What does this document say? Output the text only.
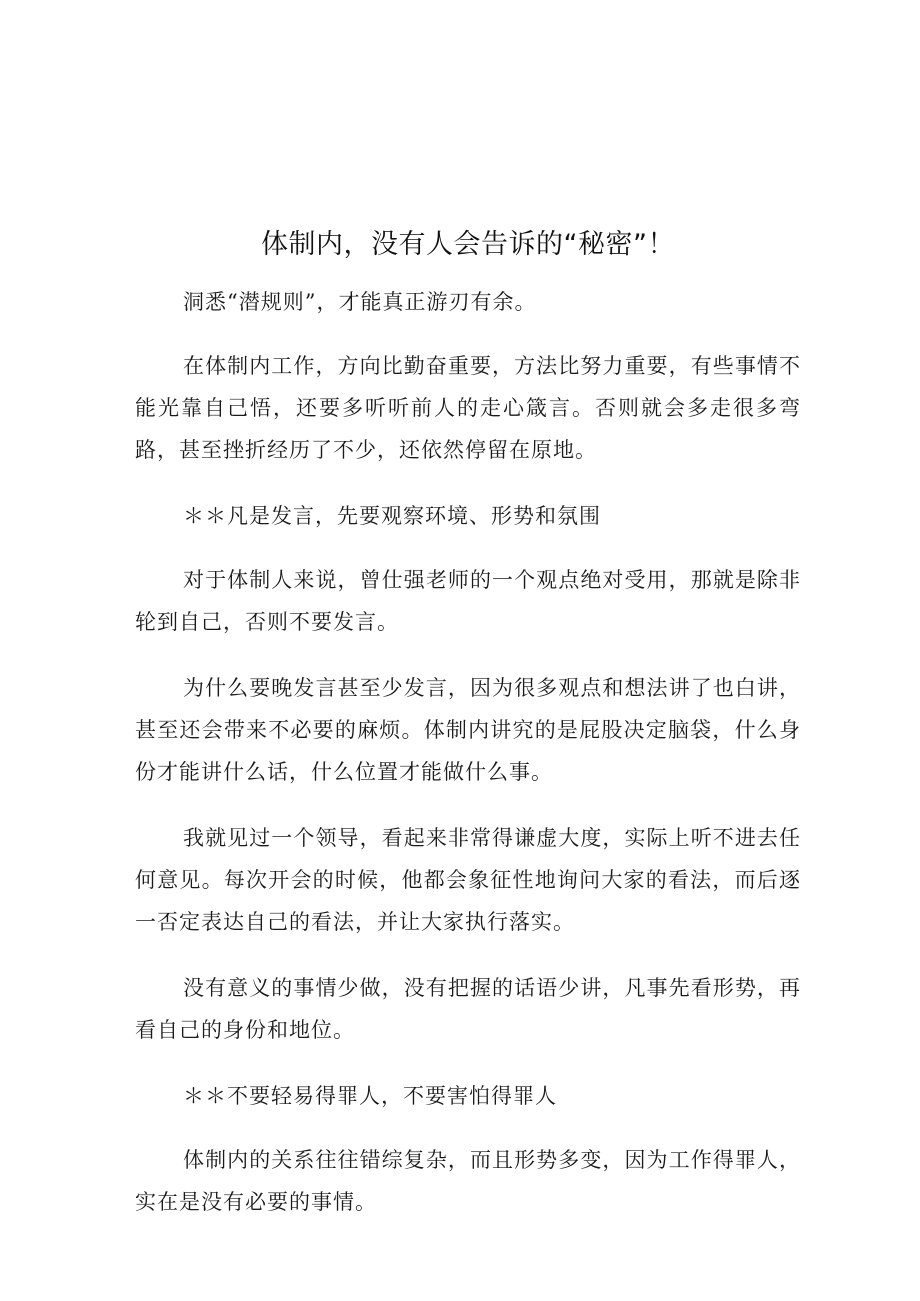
体制内，没有人会告诉的“秘密”！

洞悉“潜规则”，才能真正游刃有余。

在体制内工作，方向比勤奋重要，方法比努力重要，有些事情不能光靠自己悟，还要多听听前人的走心箴言。否则就会多走很多弯路，甚至挫折经历了不少，还依然停留在原地。

＊＊凡是发言，先要观察环境、形势和氛围

对于体制人来说，曾仕强老师的一个观点绝对受用，那就是除非轮到自己，否则不要发言。

为什么要晚发言甚至少发言，因为很多观点和想法讲了也白讲，甚至还会带来不必要的麻烦。体制内讲究的是屁股决定脑袋，什么身份才能讲什么话，什么位置才能做什么事。

我就见过一个领导，看起来非常得谦虚大度，实际上听不进去任何意见。每次开会的时候，他都会象征性地询问大家的看法，而后逐一否定表达自己的看法，并让大家执行落实。

没有意义的事情少做，没有把握的话语少讲，凡事先看形势，再看自己的身份和地位。

＊＊不要轻易得罪人，不要害怕得罪人

体制内的关系往往错综复杂，而且形势多变，因为工作得罪人，实在是没有必要的事情。
